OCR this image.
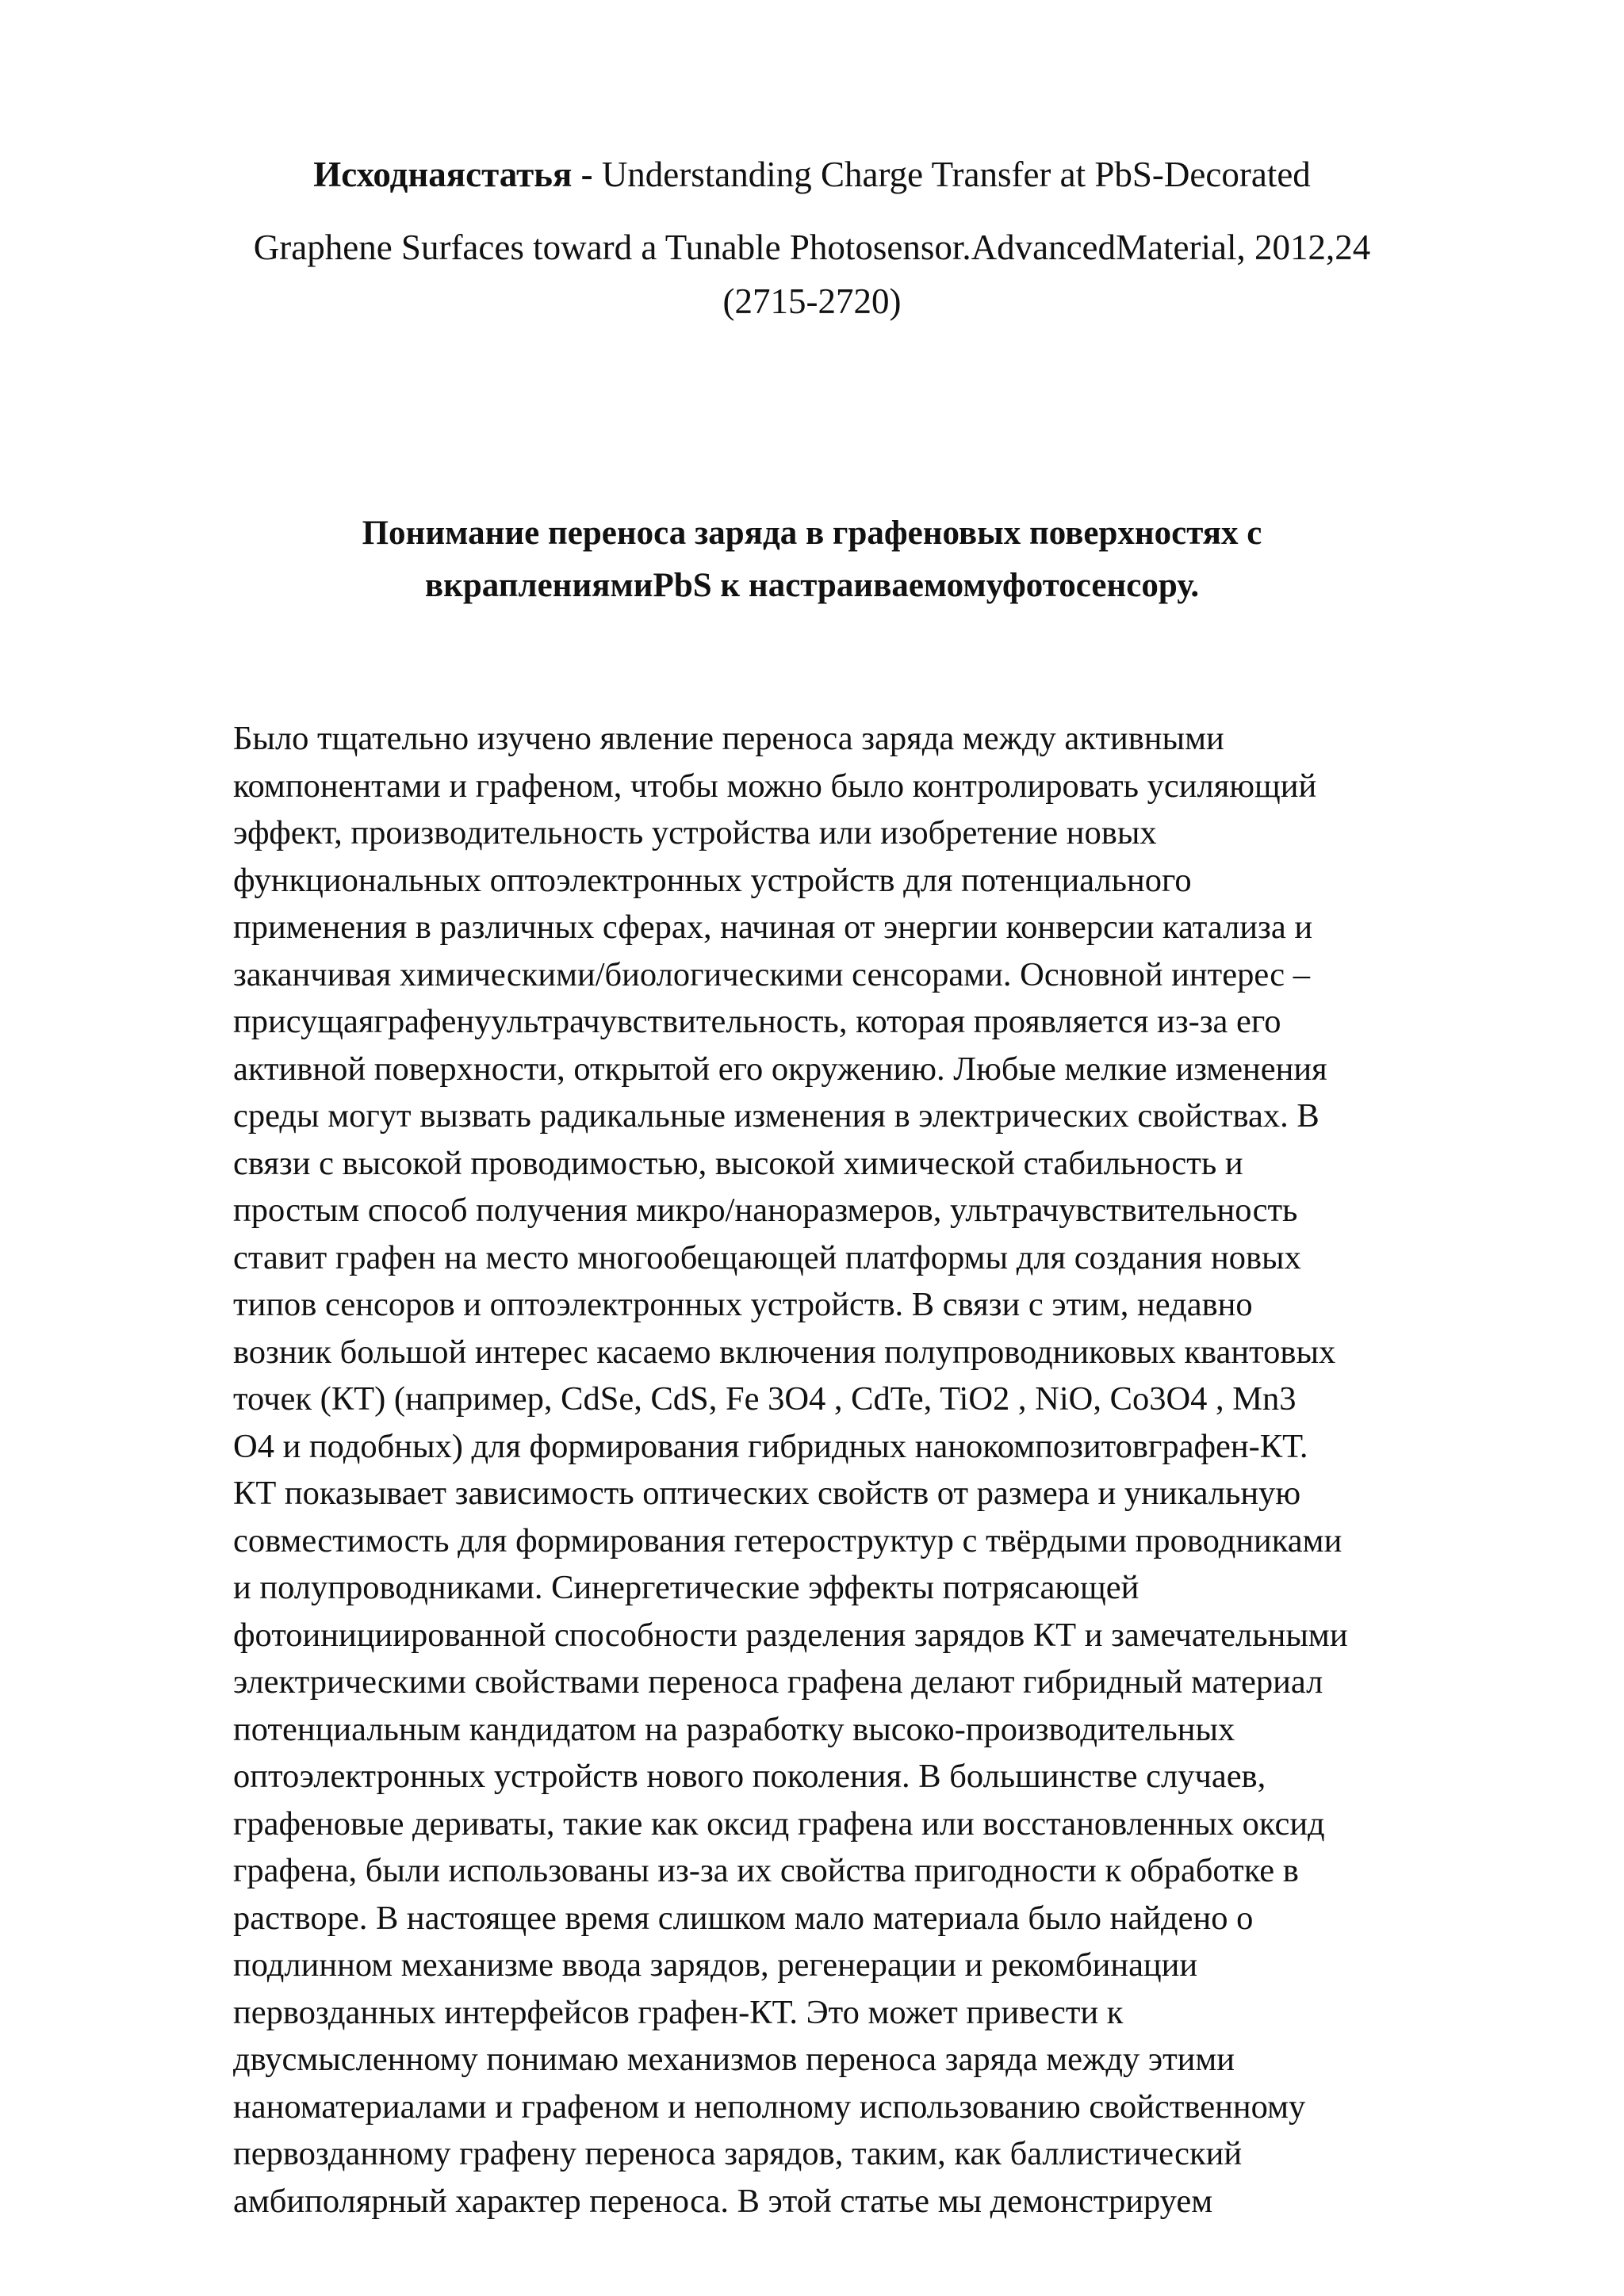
Исходнаястатья - Understanding Charge Transfer at PbS-Decorated
Graphene Surfaces toward a Tunable Photosensor.AdvancedMaterial, 2012,24
(2715-2720)
Понимание переноса заряда в графеновых поверхностях с
вкраплениямиPbS к настраиваемомуфотосенсору.
Было тщательно изучено явление переноса заряда между активными
компонентами и графеном, чтобы можно было контролировать усиляющий
эффект, производительность устройства или изобретение новых
функциональных оптоэлектронных устройств для потенциального
применения в различных сферах, начиная от энергии конверсии катализа и
заканчивая химическими/биологическими сенсорами. Основной интерес –
присущаяграфенуультрачувствительность, которая проявляется из-за его
активной поверхности, открытой его окружению. Любые мелкие изменения
среды могут вызвать радикальные изменения в электрических свойствах. В
связи с высокой проводимостью, высокой химической стабильность и
простым способ получения микро/наноразмеров, ультрачувствительность
ставит графен на место многообещающей платформы для создания новых
типов сенсоров и оптоэлектронных устройств. В связи с этим, недавно
возник большой интерес касаемо включения полупроводниковых квантовых
точек (КТ) (например, CdSe, CdS, Fe 3O4 , CdTe, TiO2 , NiO, Co3O4 , Mn3
O4 и подобных) для формирования гибридных нанокомпозитовграфен-КТ.
КТ показывает зависимость оптических свойств от размера и уникальную
совместимость для формирования гетероструктур с твёрдыми проводниками
и полупроводниками. Синергетические эффекты потрясающей
фотоинициированной способности разделения зарядов КТ и замечательными
электрическими свойствами переноса графена делают гибридный материал
потенциальным кандидатом на разработку высоко-производительных
оптоэлектронных устройств нового поколения. В большинстве случаев,
графеновые дериваты, такие как оксид графена или восстановленных оксид
графена, были использованы из-за их свойства пригодности к обработке в
растворе. В настоящее время слишком мало материала было найдено о
подлинном механизме ввода зарядов, регенерации и рекомбинации
первозданных интерфейсов графен-КТ. Это может привести к
двусмысленному понимаю механизмов переноса заряда между этими
наноматериалами и графеном и неполному использованию свойственному
первозданному графену переноса зарядов, таким, как баллистический
амбиполярный характер переноса. В этой статье мы демонстрируем
